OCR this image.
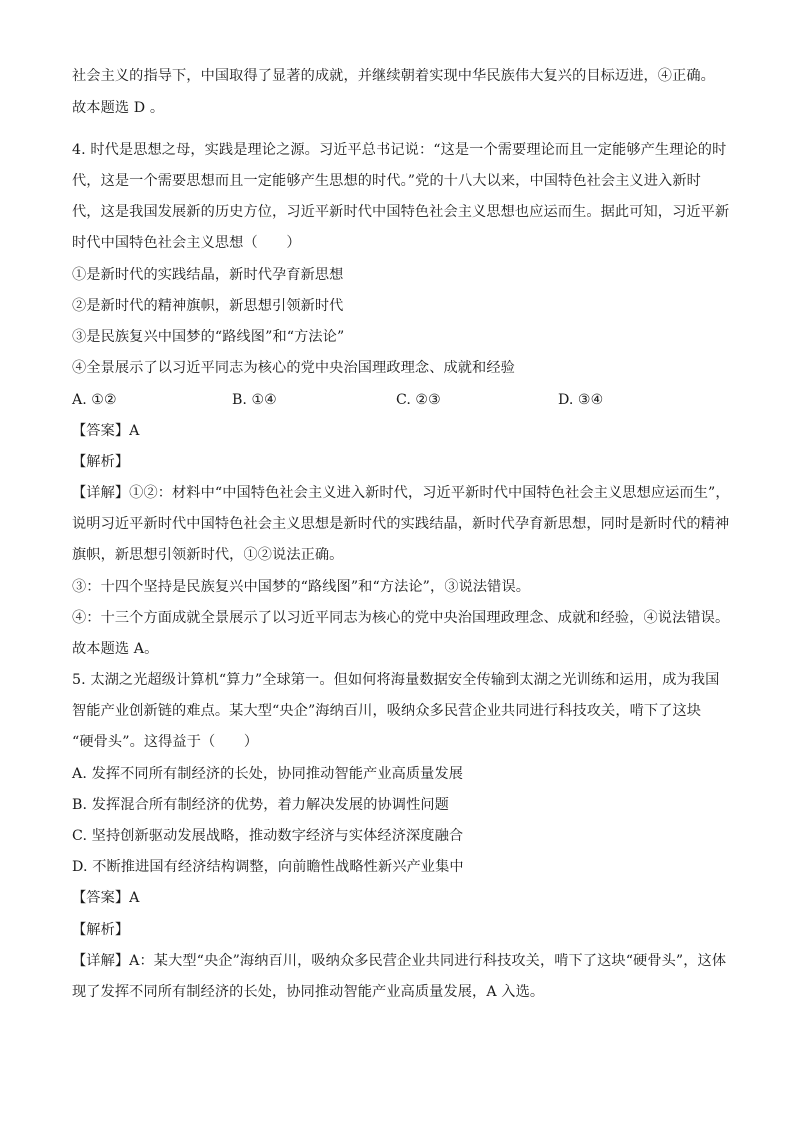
社会主义的指导下，中国取得了显著的成就，并继续朝着实现中华民族伟大复兴的目标迈进，④正确。
故本题选 D 。
4. 时代是思想之母，实践是理论之源。习近平总书记说：“这是一个需要理论而且一定能够产生理论的时
代，这是一个需要思想而且一定能够产生思想的时代。”党的十八大以来，中国特色社会主义进入新时
代，这是我国发展新的历史方位，习近平新时代中国特色社会主义思想也应运而生。据此可知，习近平新
时代中国特色社会主义思想（　　）
①是新时代的实践结晶，新时代孕育新思想
②是新时代的精神旗帜，新思想引领新时代
③是民族复兴中国梦的“路线图”和“方法论”
④全景展示了以习近平同志为核心的党中央治国理政理念、成就和经验
A. ①②	B. ①④	C. ②③	D. ③④
【答案】A
【解析】
【详解】①②：材料中“中国特色社会主义进入新时代，习近平新时代中国特色社会主义思想应运而生”，
说明习近平新时代中国特色社会主义思想是新时代的实践结晶，新时代孕育新思想，同时是新时代的精神
旗帜，新思想引领新时代，①②说法正确。
③：十四个坚持是民族复兴中国梦的“路线图”和“方法论”，③说法错误。
④：十三个方面成就全景展示了以习近平同志为核心的党中央治国理政理念、成就和经验，④说法错误。
故本题选 A。
5. 太湖之光超级计算机“算力”全球第一。但如何将海量数据安全传输到太湖之光训练和运用，成为我国
智能产业创新链的难点。某大型“央企”海纳百川，吸纳众多民营企业共同进行科技攻关，啃下了这块
“硬骨头”。这得益于（　　）
A. 发挥不同所有制经济的长处，协同推动智能产业高质量发展
B. 发挥混合所有制经济的优势，着力解决发展的协调性问题
C. 坚持创新驱动发展战略，推动数字经济与实体经济深度融合
D. 不断推进国有经济结构调整，向前瞻性战略性新兴产业集中
【答案】A
【解析】
【详解】A：某大型“央企”海纳百川，吸纳众多民营企业共同进行科技攻关，啃下了这块“硬骨头”，这体
现了发挥不同所有制经济的长处，协同推动智能产业高质量发展，A 入选。
